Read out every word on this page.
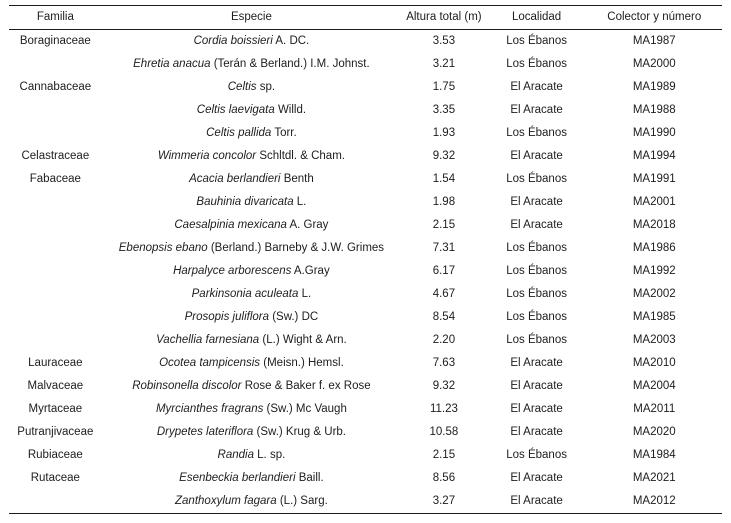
Familia	Especie	Altura total (m)	Localidad	Colector y número
Boraginaceae	Cordia boissieri A. DC.	3.53	Los Ébanos	MA1987
	Ehretia anacua (Terán & Berland.) I.M. Johnst.	3.21	Los Ébanos	MA2000
Cannabaceae	Celtis sp.	1.75	El Aracate	MA1989
	Celtis laevigata Willd.	3.35	El Aracate	MA1988
	Celtis pallida Torr.	1.93	Los Ébanos	MA1990
Celastraceae	Wimmeria concolor Schltdl. & Cham.	9.32	El Aracate	MA1994
Fabaceae	Acacia berlandieri Benth	1.54	Los Ébanos	MA1991
	Bauhinia divaricata L.	1.98	El Aracate	MA2001
	Caesalpinia mexicana A. Gray	2.15	El Aracate	MA2018
	Ebenopsis ebano (Berland.) Barneby & J.W. Grimes	7.31	Los Ébanos	MA1986
	Harpalyce arborescens A.Gray	6.17	Los Ébanos	MA1992
	Parkinsonia aculeata L.	4.67	Los Ébanos	MA2002
	Prosopis juliflora (Sw.) DC	8.54	Los Ébanos	MA1985
	Vachellia farnesiana (L.) Wight & Arn.	2.20	Los Ébanos	MA2003
Lauraceae	Ocotea tampicensis (Meisn.) Hemsl.	7.63	El Aracate	MA2010
Malvaceae	Robinsonella discolor Rose & Baker f. ex Rose	9.32	El Aracate	MA2004
Myrtaceae	Myrcianthes fragrans (Sw.) Mc Vaugh	11.23	El Aracate	MA2011
Putranjivaceae	Drypetes lateriflora (Sw.) Krug & Urb.	10.58	El Aracate	MA2020
Rubiaceae	Randia L. sp.	2.15	Los Ébanos	MA1984
Rutaceae	Esenbeckia berlandieri Baill.	8.56	El Aracate	MA2021
	Zanthoxylum fagara (L.) Sarg.	3.27	El Aracate	MA2012
